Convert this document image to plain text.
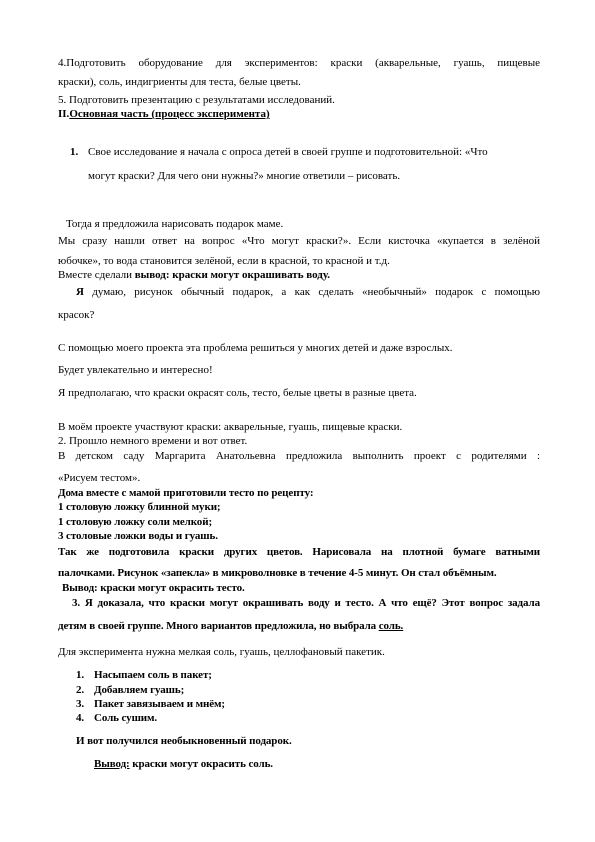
4.Подготовить оборудование для экспериментов: краски (акварельные, гуашь, пищевые
краски), соль, индигриенты для теста, белые цветы.
5. Подготовить презентацию с результатами исследований.
II.Основная часть (процесс эксперимента)
1. Свое исследование я начала с опроса детей в своей группе и подготовительной: «Что
могут краски? Для чего они нужны?» многие ответили – рисовать.
Тогда я предложила нарисовать подарок маме.
Мы сразу нашли ответ на вопрос «Что могут краски?». Если кисточка «купается в зелёной
юбочке», то вода становится зелёной, если в красной, то красной и т.д.
Вместе сделали вывод: краски могут окрашивать воду.
Я думаю, рисунок обычный подарок, а как сделать «необычный» подарок с помощью
красок?
С помощью моего проекта эта проблема решиться у многих детей и даже взрослых.
Будет увлекательно и интересно!
Я предполагаю, что краски окрасят соль, тесто, белые цветы в разные цвета.
В моём проекте участвуют краски: акварельные, гуашь, пищевые краски.
2. Прошло немного времени и вот ответ.
В детском саду Маргарита Анатольевна предложила выполнить проект с родителями :
«Рисуем тестом».
Дома вместе с мамой приготовили тесто по рецепту:
1 столовую ложку блинной муки;
1 столовую ложку соли мелкой;
3 столовые ложки воды и гуашь.
Так же подготовила краски других цветов. Нарисовала на плотной бумаге ватными
палочками. Рисунок «запекла» в микроволновке в течение 4-5 минут. Он стал объёмным.
Вывод: краски могут окрасить тесто.
3. Я доказала, что краски могут окрашивать воду и тесто. А что ещё? Этот вопрос задала
детям в своей группе. Много вариантов предложила, но выбрала соль.
Для эксперимента нужна мелкая соль, гуашь, целлофановый пакетик.
1. Насыпаем соль в пакет;
2. Добавляем гуашь;
3. Пакет завязываем и мнём;
4. Соль сушим.
И вот получился необыкновенный подарок.
Вывод: краски могут окрасить соль.
